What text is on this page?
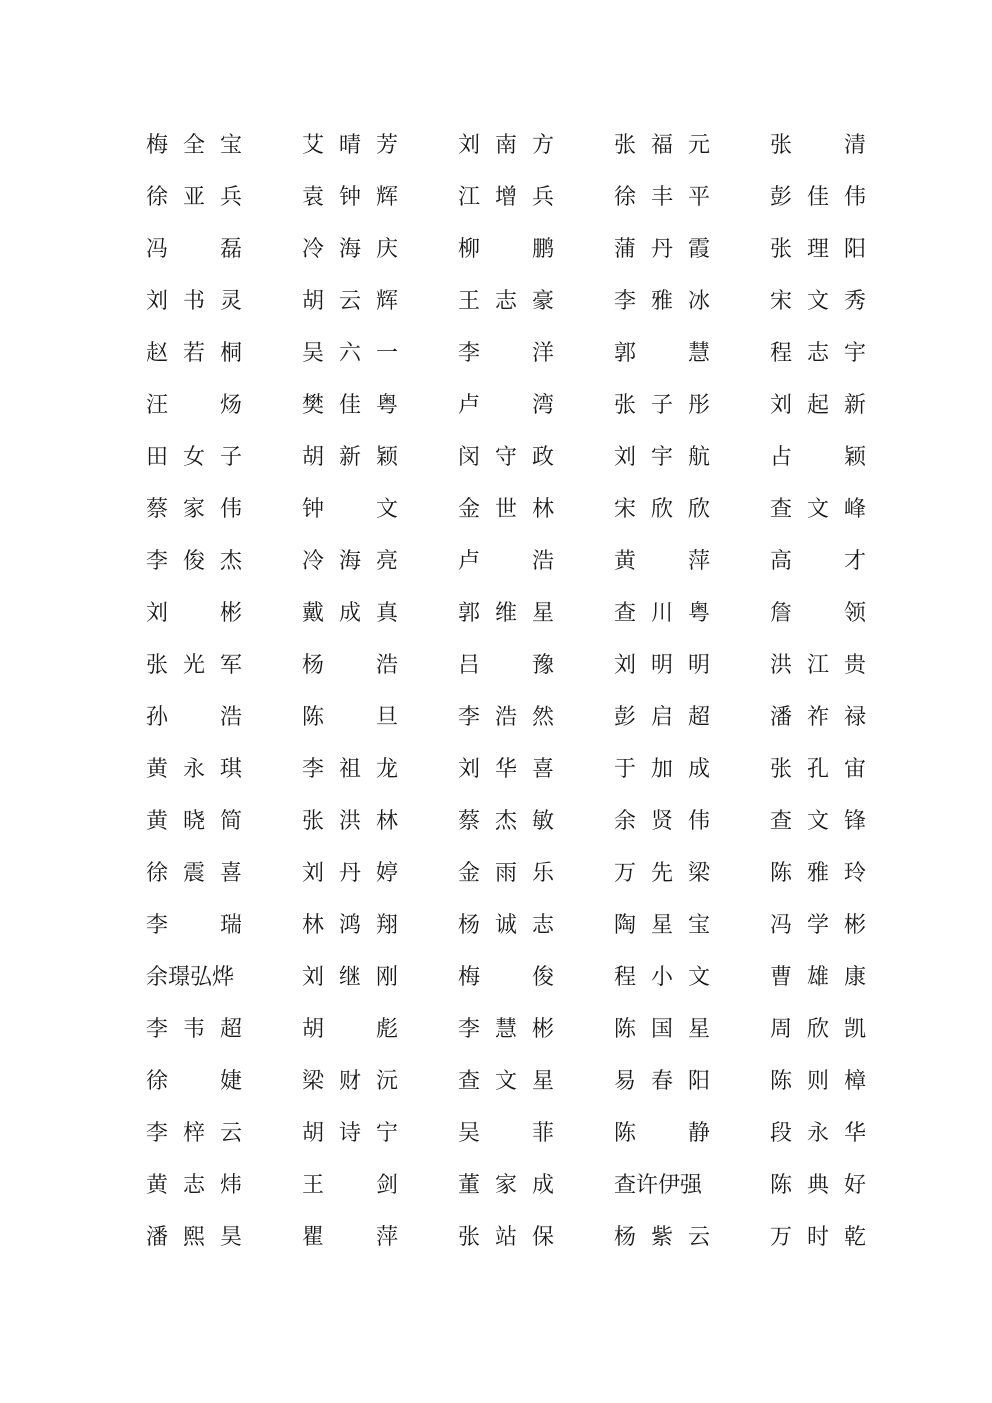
梅 全 宝	艾 晴 芳	刘 南 方	张 福 元	张 清
徐 亚 兵	袁 钟 辉	江 增 兵	徐 丰 平	彭 佳 伟
冯 磊	冷 海 庆	柳 鹏	蒲 丹 霞	张 理 阳
刘 书 灵	胡 云 辉	王 志 豪	李 雅 冰	宋 文 秀
赵 若 桐	吴 六 一	李 洋	郭 慧	程 志 宇
汪 炀	樊 佳 粤	卢 湾	张 子 彤	刘 起 新
田 女 子	胡 新 颖	闵 守 政	刘 宇 航	占 颖
蔡 家 伟	钟 文	金 世 林	宋 欣 欣	查 文 峰
李 俊 杰	冷 海 亮	卢 浩	黄 萍	高 才
刘 彬	戴 成 真	郭 维 星	查 川 粤	詹 领
张 光 军	杨 浩	吕 豫	刘 明 明	洪 江 贵
孙 浩	陈 旦	李 浩 然	彭 启 超	潘 祚 禄
黄 永 琪	李 祖 龙	刘 华 喜	于 加 成	张 孔 宙
黄 晓 简	张 洪 林	蔡 杰 敏	余 贤 伟	查 文 锋
徐 震 喜	刘 丹 婷	金 雨 乐	万 先 梁	陈 雅 玲
李 瑞	林 鸿 翔	杨 诚 志	陶 星 宝	冯 学 彬
余 璟 弘 烨	刘 继 刚	梅 俊	程 小 文	曹 雄 康
李 韦 超	胡 彪	李 慧 彬	陈 国 星	周 欣 凯
徐 婕	梁 财 沅	查 文 星	易 春 阳	陈 则 樟
李 梓 云	胡 诗 宁	吴 菲	陈 静	段 永 华
黄 志 炜	王 剑	董 家 成	查 许 伊 强	陈 典 好
潘 熙 昊	瞿 萍	张 站 保	杨 紫 云	万 时 乾
